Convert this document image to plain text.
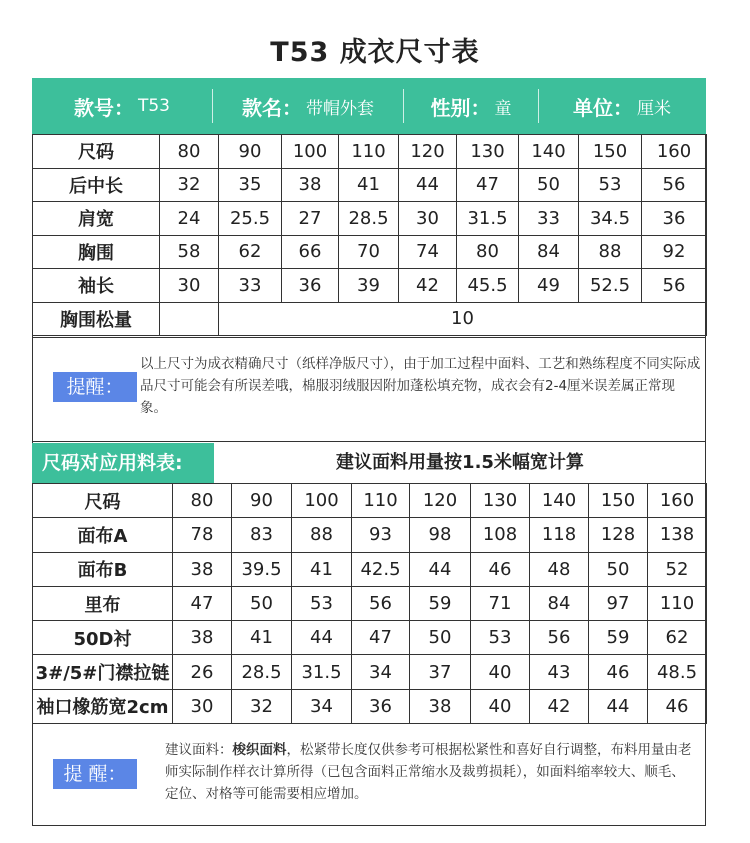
T53 成衣尺寸表
款号： T53	款名： 带帽外套	性别： 童	单位： 厘米
尺码	80	90	100	110	120	130	140	150	160
后中长	32	35	38	41	44	47	50	53	56
肩宽	24	25.5	27	28.5	30	31.5	33	34.5	36
胸围	58	62	66	70	74	80	84	88	92
袖长	30	33	36	39	42	45.5	49	52.5	56
胸围松量		10							
提醒：
以上尺寸为成衣精确尺寸（纸样净版尺寸），由于加工过程中面料、工艺和熟练程度不同实际成品尺寸可能会有所误差哦，棉服羽绒服因附加蓬松填充物，成衣会有2-4厘米误差属正常现象。
尺码对应用料表:	建议面料用量按1.5米幅宽计算
尺码	80	90	100	110	120	130	140	150	160
面布A	78	83	88	93	98	108	118	128	138
面布B	38	39.5	41	42.5	44	46	48	50	52
里布	47	50	53	56	59	71	84	97	110
50D衬	38	41	44	47	50	53	56	59	62
3#/5#门襟拉链	26	28.5	31.5	34	37	40	43	46	48.5
袖口橡筋宽2cm	30	32	34	36	38	40	42	44	46
提 醒：
建议面料：梭织面料，松紧带长度仅供参考可根据松紧性和喜好自行调整，布料用量由老师实际制作样衣计算所得（已包含面料正常缩水及裁剪损耗），如面料缩率较大、顺毛、定位、对格等可能需要相应增加。
